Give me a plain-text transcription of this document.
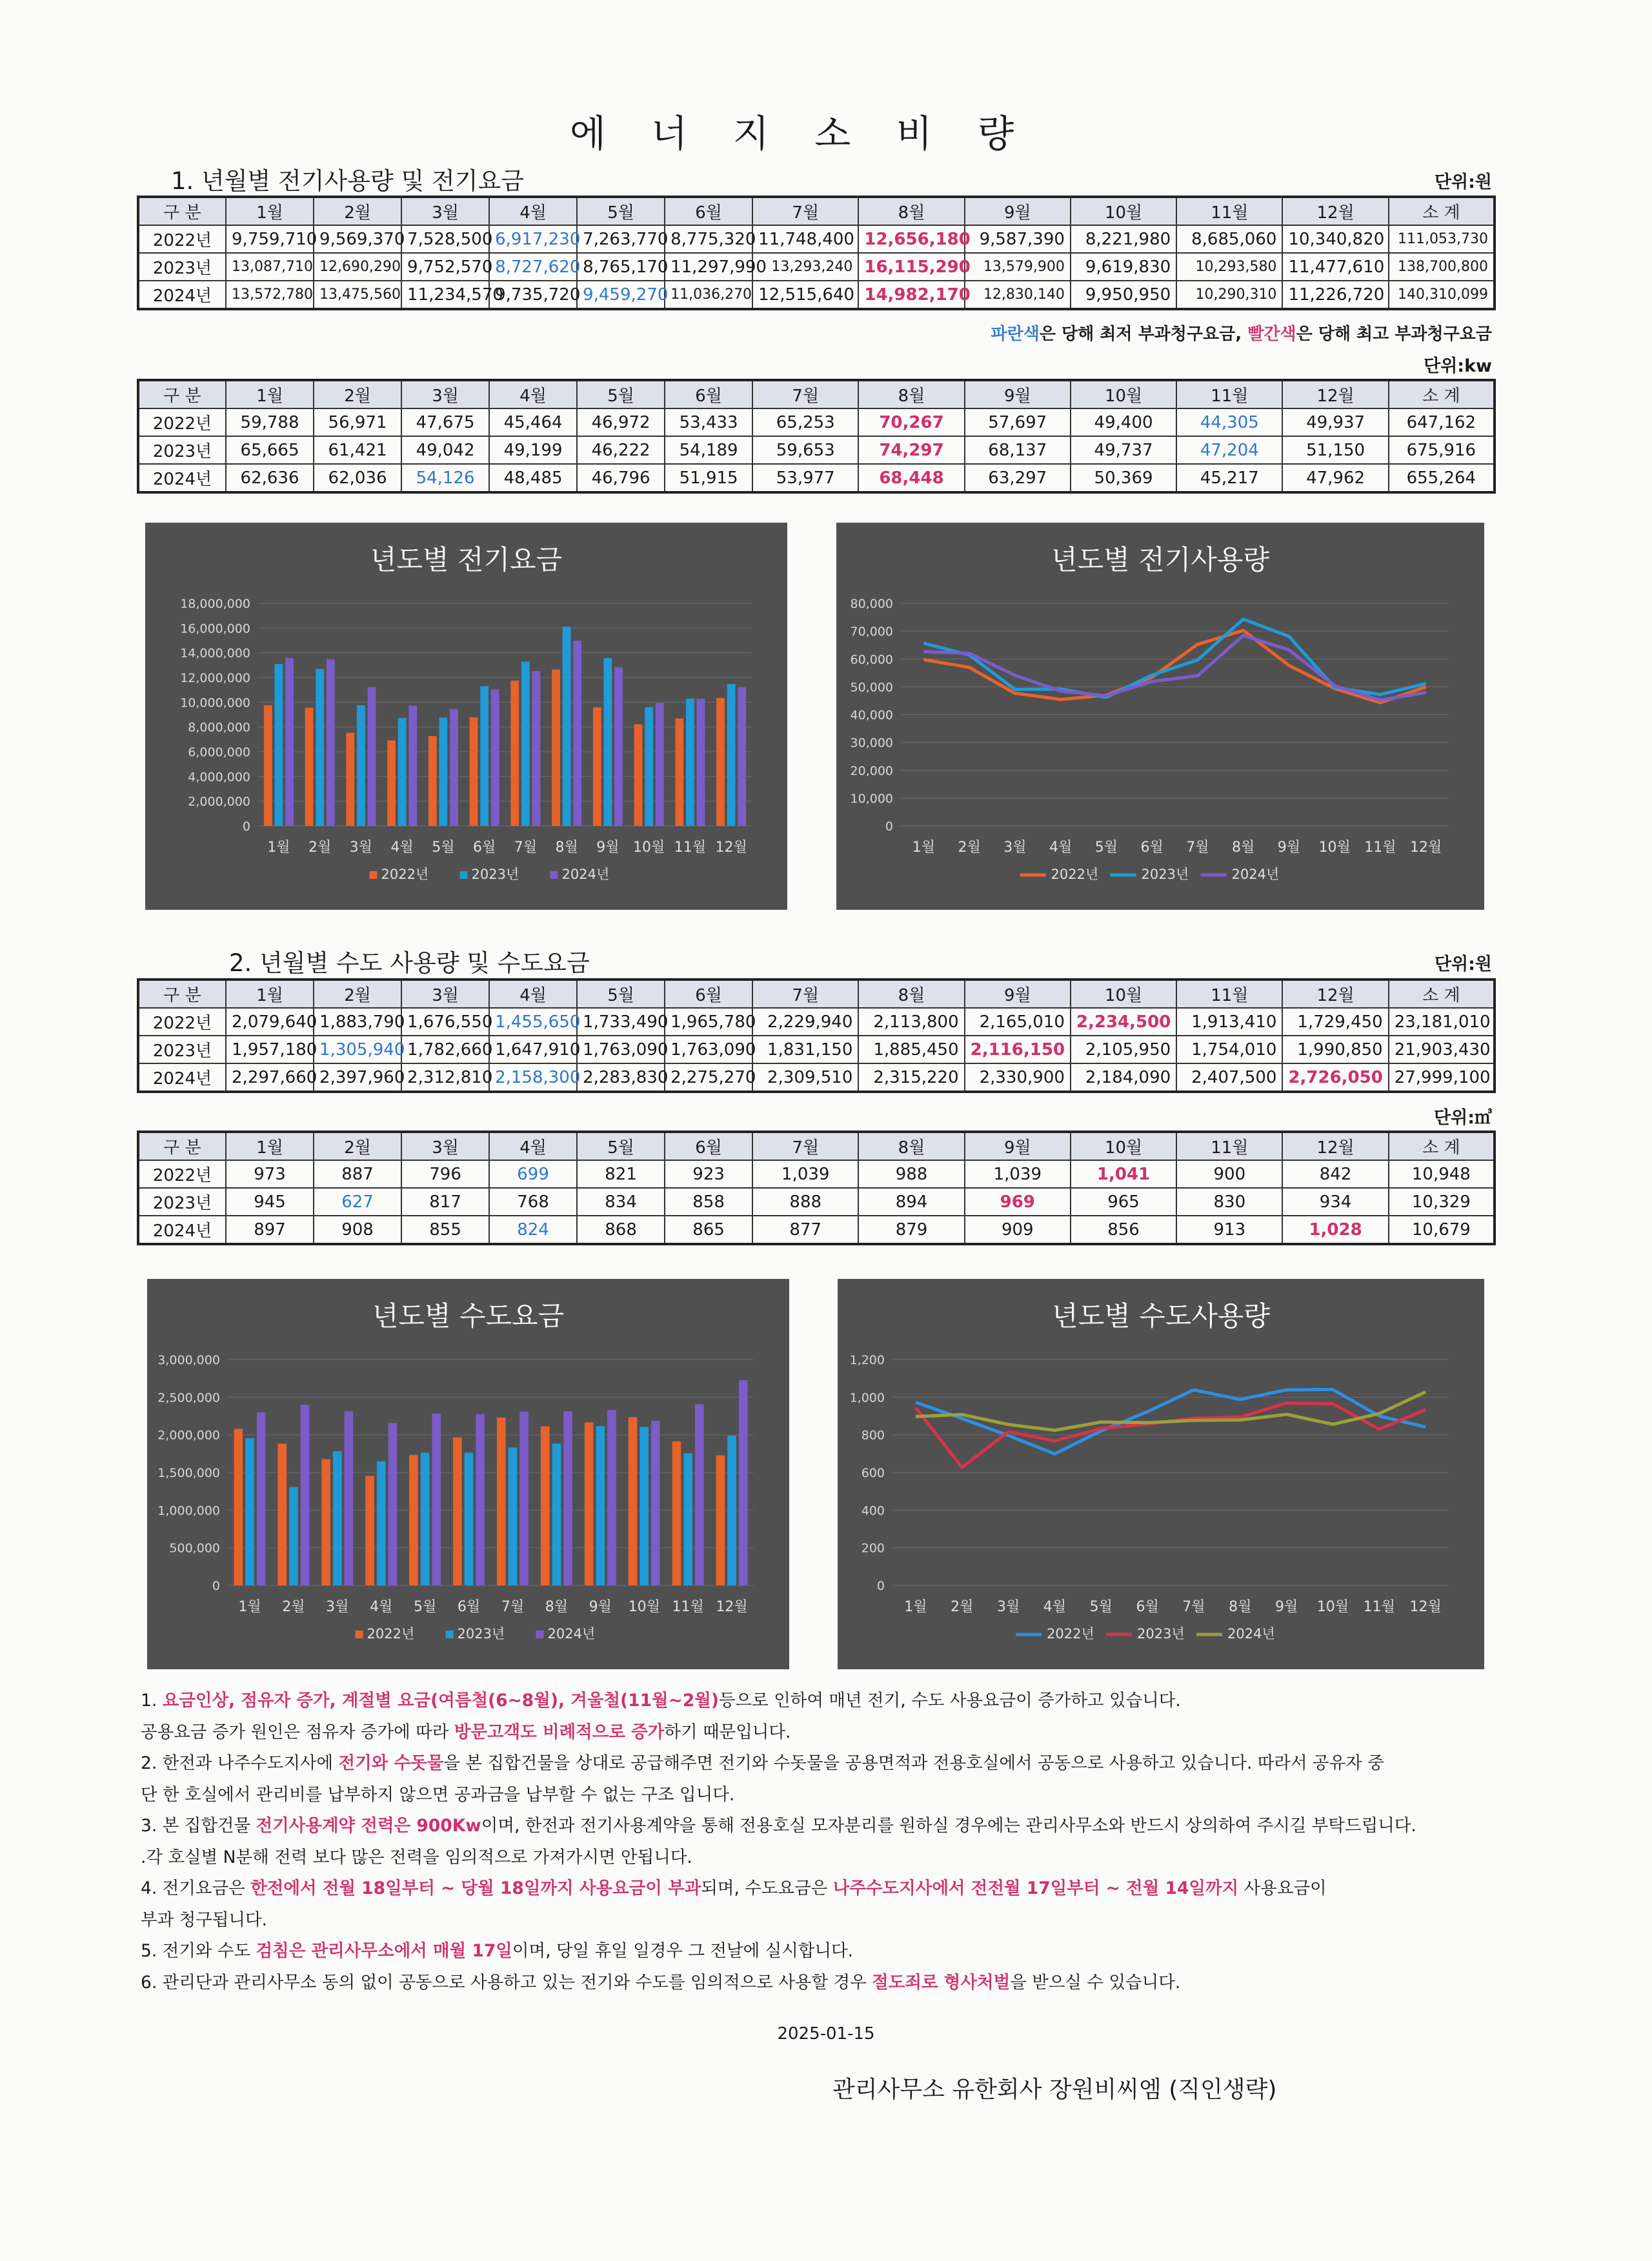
에 너 지 소 비 량
1. 년월별 전기사용량 및 전기요금	단위:원
구 분	1월	2월	3월	4월	5월	6월	7월	8월	9월	10월	11월	12월	소 계
2022년	9,759,710	9,569,370	7,528,500	6,917,230	7,263,770	8,775,320	11,748,400	12,656,180	9,587,390	8,221,980	8,685,060	10,340,820	111,053,730
2023년	13,087,710	12,690,290	9,752,570	8,727,620	8,765,170	11,297,990	13,293,240	16,115,290	13,579,900	9,619,830	10,293,580	11,477,610	138,700,800
2024년	13,572,780	13,475,560	11,234,570	9,735,720	9,459,270	11,036,270	12,515,640	14,982,170	12,830,140	9,950,950	10,290,310	11,226,720	140,310,099
파란색은 당해 최저 부과청구요금, 빨간색은 당해 최고 부과청구요금
단위:kw
구 분	1월	2월	3월	4월	5월	6월	7월	8월	9월	10월	11월	12월	소 계
2022년	59,788	56,971	47,675	45,464	46,972	53,433	65,253	70,267	57,697	49,400	44,305	49,937	647,162
2023년	65,665	61,421	49,042	49,199	46,222	54,189	59,653	74,297	68,137	49,737	47,204	51,150	675,916
2024년	62,636	62,036	54,126	48,485	46,796	51,915	53,977	68,448	63,297	50,369	45,217	47,962	655,264
년도별 전기요금
0
2,000,000
4,000,000
6,000,000
8,000,000
10,000,000
12,000,000
14,000,000
16,000,000
18,000,000
1월 2월 3월 4월 5월 6월 7월 8월 9월 10월 11월 12월
2022년	2023년	2024년
년도별 전기사용량
0
10,000
20,000
30,000
40,000
50,000
60,000
70,000
80,000
1월 2월 3월 4월 5월 6월 7월 8월 9월 10월 11월 12월
2022년	2023년	2024년
2. 년월별 수도 사용량 및 수도요금	단위:원
구 분	1월	2월	3월	4월	5월	6월	7월	8월	9월	10월	11월	12월	소 계
2022년	2,079,640	1,883,790	1,676,550	1,455,650	1,733,490	1,965,780	2,229,940	2,113,800	2,165,010	2,234,500	1,913,410	1,729,450	23,181,010
2023년	1,957,180	1,305,940	1,782,660	1,647,910	1,763,090	1,763,090	1,831,150	1,885,450	2,116,150	2,105,950	1,754,010	1,990,850	21,903,430
2024년	2,297,660	2,397,960	2,312,810	2,158,300	2,283,830	2,275,270	2,309,510	2,315,220	2,330,900	2,184,090	2,407,500	2,726,050	27,999,100
단위:㎥
구 분	1월	2월	3월	4월	5월	6월	7월	8월	9월	10월	11월	12월	소 계
2022년	973	887	796	699	821	923	1,039	988	1,039	1,041	900	842	10,948
2023년	945	627	817	768	834	858	888	894	969	965	830	934	10,329
2024년	897	908	855	824	868	865	877	879	909	856	913	1,028	10,679
년도별 수도요금
0
500,000
1,000,000
1,500,000
2,000,000
2,500,000
3,000,000
1월 2월 3월 4월 5월 6월 7월 8월 9월 10월 11월 12월
2022년	2023년	2024년
년도별 수도사용량
0
200
400
600
800
1,000
1,200
1월 2월 3월 4월 5월 6월 7월 8월 9월 10월 11월 12월
2022년	2023년	2024년

1. 요금인상, 점유자 증가, 계절별 요금(여름철(6~8월), 겨울철(11월~2월)등으로 인하여 매년 전기, 수도 사용요금이 증가하고 있습니다.

공용요금 증가 원인은 점유자 증가에 따라 방문고객도 비례적으로 증가하기 때문입니다.

2. 한전과 나주수도지사에 전기와 수돗물을 본 집합건물을 상대로 공급해주면 전기와 수돗물을 공용면적과 전용호실에서 공동으로 사용하고 있습니다. 따라서 공유자 중

단 한 호실에서 관리비를 납부하지 않으면 공과금을 납부할 수 없는 구조 입니다.

3. 본 집합건물 전기사용계약 전력은 900Kw이며, 한전과 전기사용계약을 통해 전용호실 모자분리를 원하실 경우에는 관리사무소와 반드시 상의하여 주시길 부탁드립니다.

.각 호실별 N분해 전력 보다 많은 전력을 임의적으로 가져가시면 안됩니다.

4. 전기요금은 한전에서 전월 18일부터 ~ 당월 18일까지 사용요금이 부과되며, 수도요금은 나주수도지사에서 전전월 17일부터 ~ 전월 14일까지 사용요금이

부과 청구됩니다.

5. 전기와 수도 검침은 관리사무소에서 매월 17일이며, 당일 휴일 일경우 그 전날에 실시합니다.

6. 관리단과 관리사무소 동의 없이 공동으로 사용하고 있는 전기와 수도를 임의적으로 사용할 경우 절도죄로 형사처벌을 받으실 수 있습니다.

2025-01-15
관리사무소 유한회사 장원비씨엠 (직인생략)
